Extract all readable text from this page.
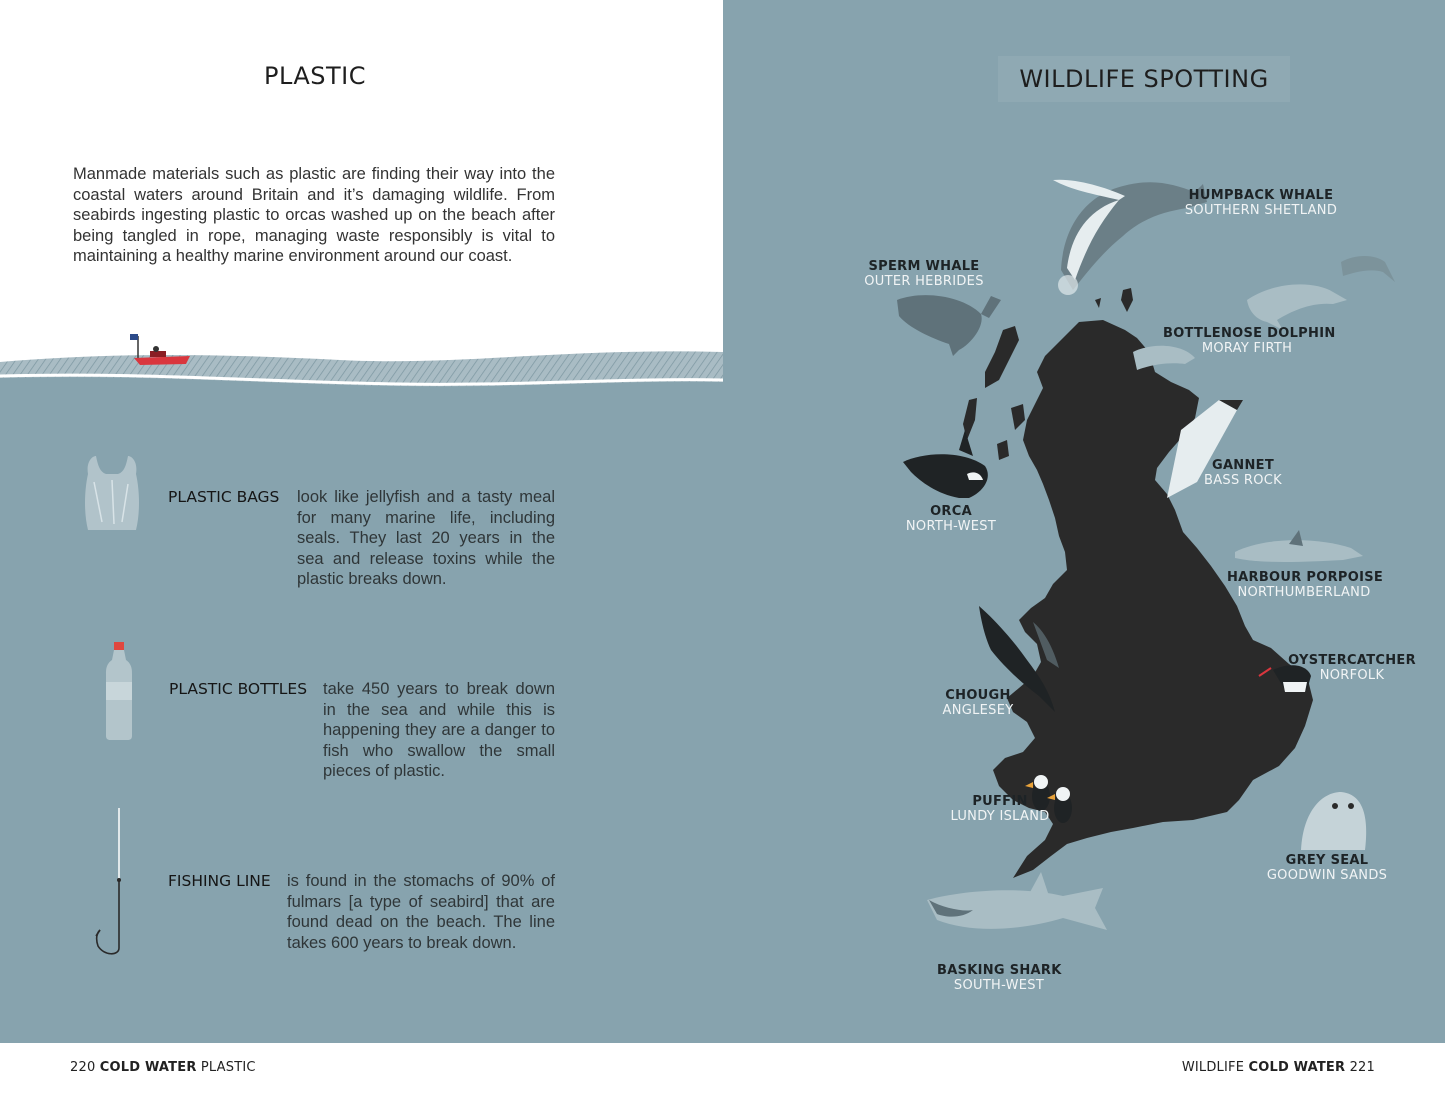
PLASTIC
Manmade materials such as plastic are finding their way into the coastal waters around Britain and it’s damaging wildlife. From seabirds ingesting plastic to orcas washed up on the beach after being tangled in rope, managing waste responsibly is vital to maintaining a healthy marine environment around our coast.
PLASTIC BAGS look like jellyfish and a tasty meal for many marine life, including seals. They last 20 years in the sea and release toxins while the plastic breaks down.
PLASTIC BOTTLES take 450 years to break down in the sea and while this is happening they are a danger to fish who swallow the small pieces of plastic.
FISHING LINE is found in the stomachs of 90% of fulmars [a type of seabird] that are found dead on the beach. The line takes 600 years to break down.
WILDLIFE SPOTTING
HUMPBACK WHALE
SOUTHERN SHETLAND
SPERM WHALE
OUTER HEBRIDES
BOTTLENOSE DOLPHIN
MORAY FIRTH
GANNET
BASS ROCK
ORCA
NORTH-WEST
HARBOUR PORPOISE
NORTHUMBERLAND
OYSTERCATCHER
NORFOLK
CHOUGH
ANGLESEY
PUFFIN
LUNDY ISLAND
GREY SEAL
GOODWIN SANDS
BASKING SHARK
SOUTH-WEST
220 COLD WATER PLASTIC	WILDLIFE COLD WATER 221
